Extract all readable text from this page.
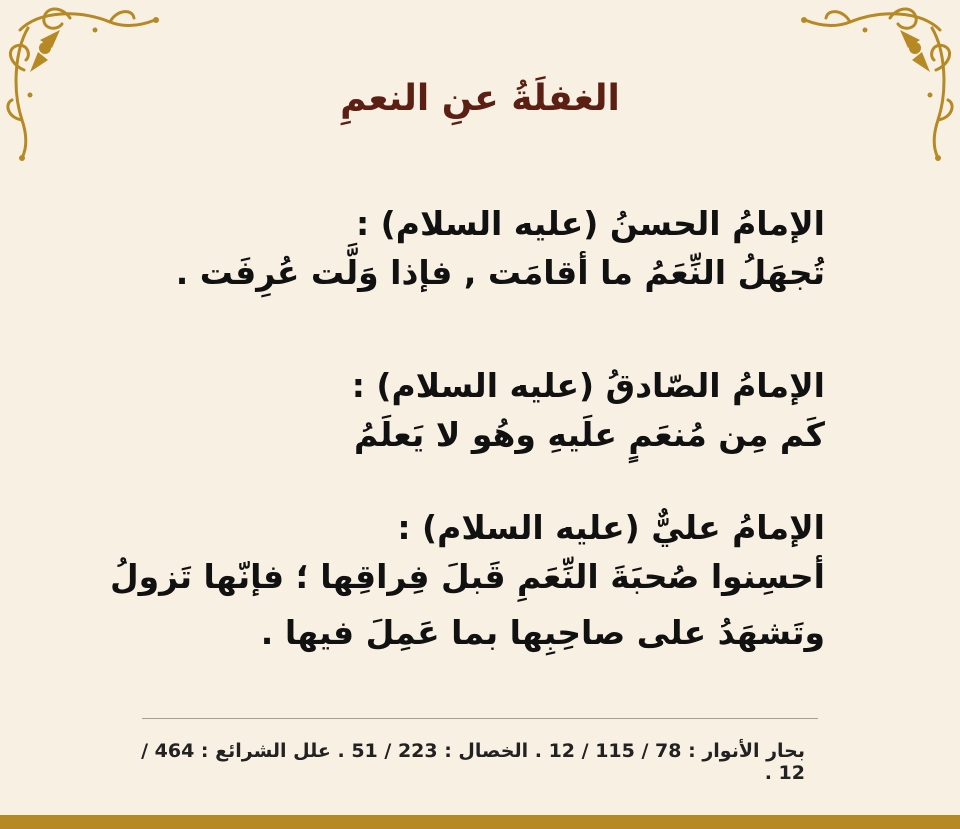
الغفلَةُ عنِ النعمِ
الإمامُ الحسنُ (عليه السلام) :
تُجهَلُ النِّعَمُ ما أقامَت , فإذا وَلَّت عُرِفَت .
الإمامُ الصّادقُ (عليه السلام) :
كَم مِن مُنعَمٍ علَيهِ وهُو لا يَعلَمُ
الإمامُ عليٌّ (عليه السلام) :
أحسِنوا صُحبَةَ النِّعَمِ قَبلَ فِراقِها ؛ فإنّها تَزولُ
وتَشهَدُ على صاحِبِها بما عَمِلَ فيها .
بحار الأنوار : 78 / 115 / 12 . الخصال : 223 / 51 . علل الشرائع : 464 / 12 .
